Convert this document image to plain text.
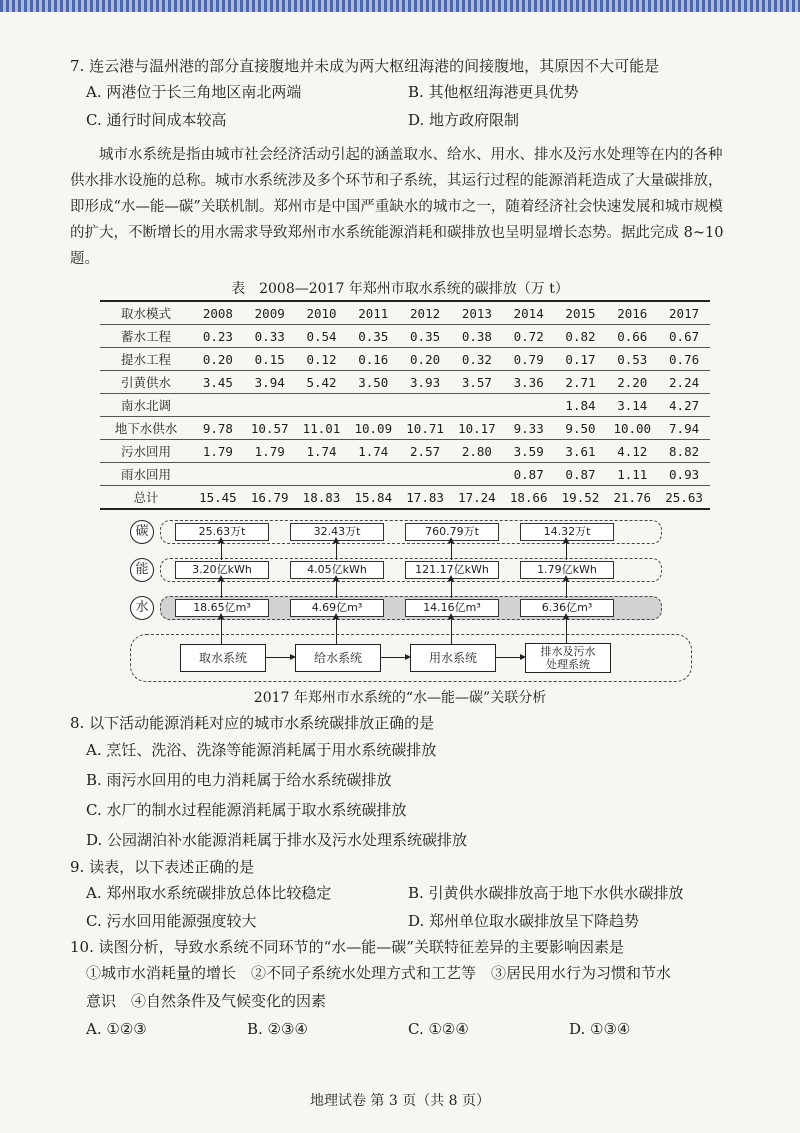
7. 连云港与温州港的部分直接腹地并未成为两大枢纽海港的间接腹地，其原因不大可能是

A. 两港位于长三角地区南北两端	B. 其他枢纽海港更具优势
C. 通行时间成本较高	D. 地方政府限制

城市水系统是指由城市社会经济活动引起的涵盖取水、给水、用水、排水及污水处理等在内的各种供水排水设施的总称。城市水系统涉及多个环节和子系统，其运行过程的能源消耗造成了大量碳排放，即形成“水—能—碳”关联机制。郑州市是中国严重缺水的城市之一，随着经济社会快速发展和城市规模的扩大，不断增长的用水需求导致郑州市水系统能源消耗和碳排放也呈明显增长态势。据此完成 8~10 题。

表　2008—2017 年郑州市取水系统的碳排放（万 t）
取水模式	2008	2009	2010	2011	2012	2013	2014	2015	2016	2017
蓄水工程	0.23	0.33	0.54	0.35	0.35	0.38	0.72	0.82	0.66	0.67
提水工程	0.20	0.15	0.12	0.16	0.20	0.32	0.79	0.17	0.53	0.76
引黄供水	3.45	3.94	5.42	3.50	3.93	3.57	3.36	2.71	2.20	2.24
南水北调								1.84	3.14	4.27
地下水供水	9.78	10.57	11.01	10.09	10.71	10.17	9.33	9.50	10.00	7.94
污水回用	1.79	1.79	1.74	1.74	2.57	2.80	3.59	3.61	4.12	8.82
雨水回用							0.87	0.87	1.11	0.93
总计	15.45	16.79	18.83	15.84	17.83	17.24	18.66	19.52	21.76	25.63
碳
能
水
25.63万t	32.43万t	760.79万t	14.32万t
3.20亿kWh	4.05亿kWh	121.17亿kWh	1.79亿kWh
18.65亿m³	4.69亿m³	14.16亿m³	6.36亿m³
取水系统	给水系统	用水系统	排水及污水
处理系统
2017 年郑州市水系统的“水—能—碳”关联分析

8. 以下活动能源消耗对应的城市水系统碳排放正确的是

A. 烹饪、洗浴、洗涤等能源消耗属于用水系统碳排放
B. 雨污水回用的电力消耗属于给水系统碳排放
C. 水厂的制水过程能源消耗属于取水系统碳排放
D. 公园湖泊补水能源消耗属于排水及污水处理系统碳排放

9. 读表，以下表述正确的是

A. 郑州取水系统碳排放总体比较稳定	B. 引黄供水碳排放高于地下水供水碳排放
C. 污水回用能源强度较大	D. 郑州单位取水碳排放呈下降趋势

10. 读图分析，导致水系统不同环节的“水—能—碳”关联特征差异的主要影响因素是

①城市水消耗量的增长　②不同子系统水处理方式和工艺等　③居民用水行为习惯和节水
意识　④自然条件及气候变化的因素
A. ①②③	B. ②③④	C. ①②④	D. ①③④
地理试卷 第 3 页（共 8 页）
